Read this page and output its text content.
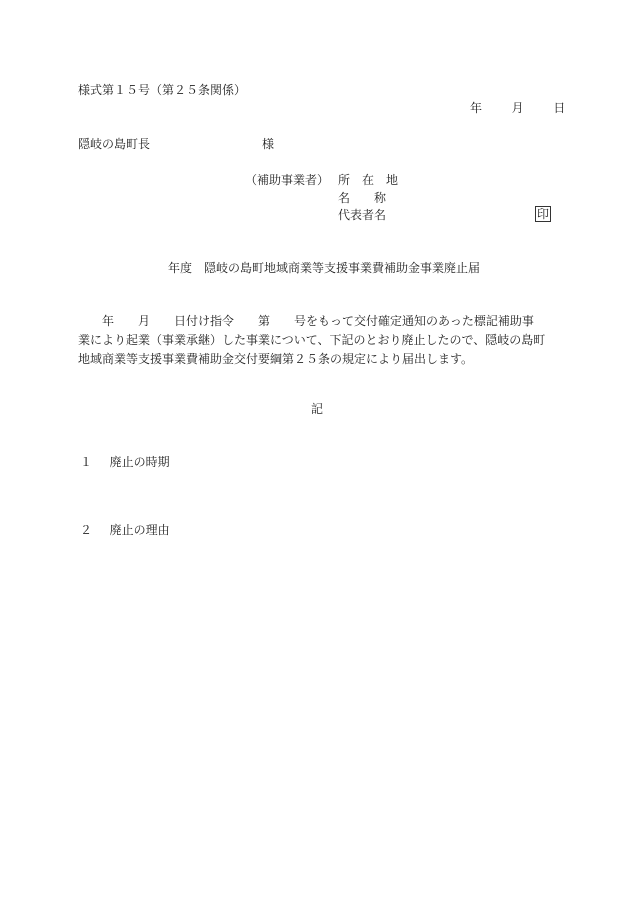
様式第１５号（第２５条関係）
年 月 日
隠岐の島町長	様
（補助事業者） 所　在　地
名　　称
代表者名	印
年度　隠岐の島町地域商業等支援事業費補助金事業廃止届
　　年　　月　　日付け指令　　第　　号をもって交付確定通知のあった標記補助事
業により起業（事業承継）した事業について、下記のとおり廃止したので、隠岐の島町
地域商業等支援事業費補助金交付要綱第２５条の規定により届出します。
記
１ 廃止の時期
２ 廃止の理由
